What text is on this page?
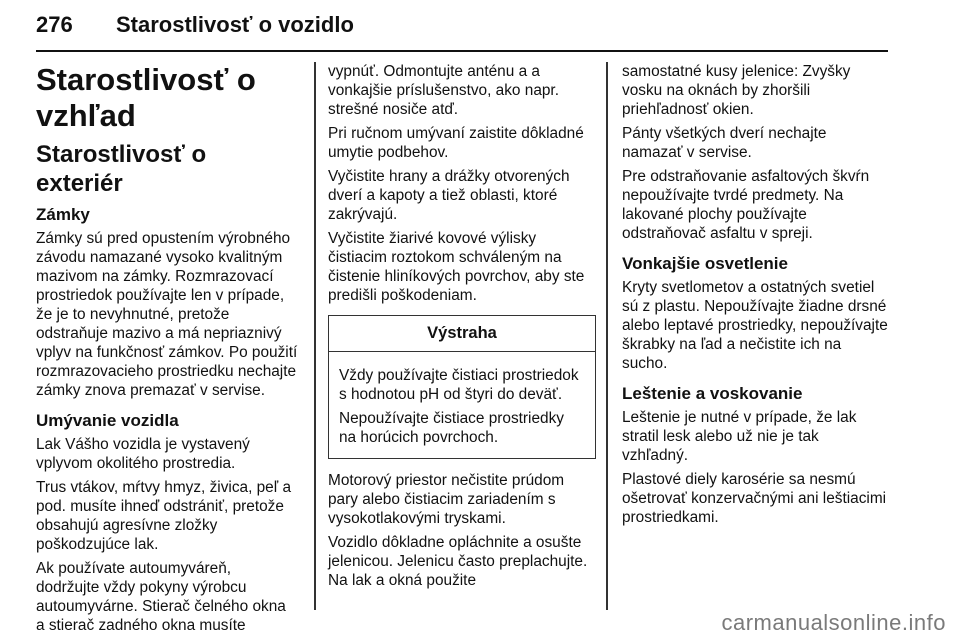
276 Starostlivosť o vozidlo
Starostlivosť o vzhľad
Starostlivosť o exteriér
Zámky

Zámky sú pred opustením výrobného závodu namazané vysoko kvalitným mazivom na zámky. Rozmrazovací prostriedok používajte len v prípade, že je to nevyhnutné, pretože odstraňuje mazivo a má nepriaznivý vplyv na funkčnosť zámkov. Po použití rozmrazovacieho prostriedku nechajte zámky znova premazať v servise.

Umývanie vozidla

Lak Vášho vozidla je vystavený vplyvom okolitého prostredia.

Trus vtákov, mŕtvy hmyz, živica, peľ a pod. musíte ihneď odstrániť, pretože obsahujú agresívne zložky poškodzujúce lak.

Ak používate autoumyváreň, dodržujte vždy pokyny výrobcu autoumyvárne. Stierač čelného okna a stierač zadného okna musíte

vypnúť. Odmontujte anténu a a vonkajšie príslušenstvo, ako napr. strešné nosiče atď.

Pri ručnom umývaní zaistite dôkladné umytie podbehov.

Vyčistite hrany a drážky otvorených dverí a kapoty a tiež oblasti, ktoré zakrývajú.

Vyčistite žiarivé kovové výlisky čistiacim roztokom schváleným na čistenie hliníkových povrchov, aby ste predišli poškodeniam.

Výstraha

Vždy používajte čistiaci prostriedok s hodnotou pH od štyri do deväť.

Nepoužívajte čistiace prostriedky na horúcich povrchoch.

Motorový priestor nečistite prúdom pary alebo čistiacim zariadením s vysokotlakovými tryskami.

Vozidlo dôkladne opláchnite a osušte jelenicou. Jelenicu často preplachujte. Na lak a okná použite

samostatné kusy jelenice: Zvyšky vosku na oknách by zhoršili priehľadnosť okien.

Pánty všetkých dverí nechajte namazať v servise.

Pre odstraňovanie asfaltových škvŕn nepoužívajte tvrdé predmety. Na lakované plochy používajte odstraňovač asfaltu v spreji.

Vonkajšie osvetlenie

Kryty svetlometov a ostatných svetiel sú z plastu. Nepoužívajte žiadne drsné alebo leptavé prostriedky, nepoužívajte škrabky na ľad a nečistite ich na sucho.

Leštenie a voskovanie

Leštenie je nutné v prípade, že lak stratil lesk alebo už nie je tak vzhľadný.

Plastové diely karosérie sa nesmú ošetrovať konzervačnými ani leštiacimi prostriedkami.

carmanualsonline.info
